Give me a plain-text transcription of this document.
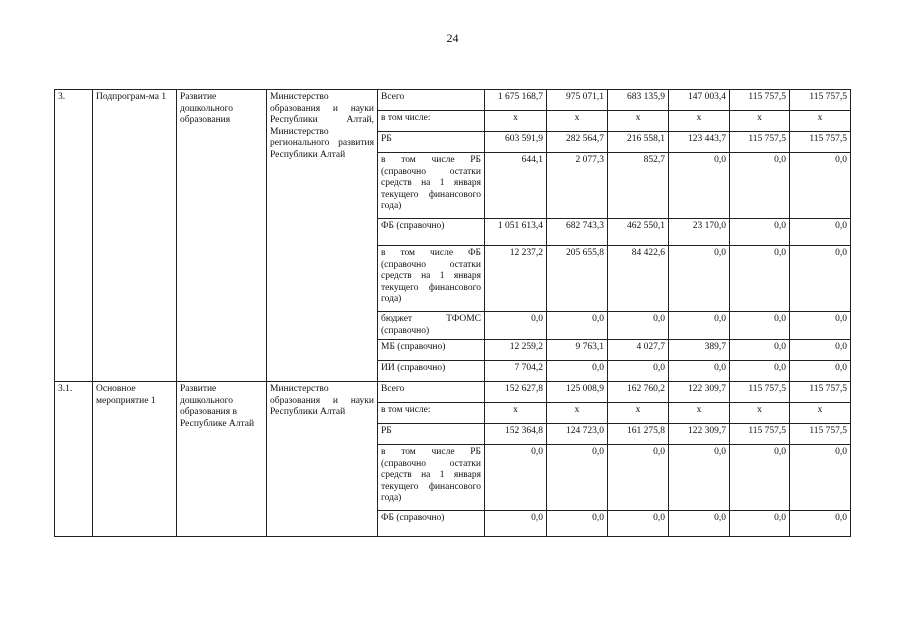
24
3.	Подпрограм-ма 1	Развитие дошкольного образования	Министерство образования и науки Республики Алтай, Министерство регионального развития Республики Алтай	Всего	1 675 168,7	975 071,1	683 135,9	147 003,4	115 757,5	115 757,5
				в том числе:	x	x	x	x	x	x
				РБ	603 591,9	282 564,7	216 558,1	123 443,7	115 757,5	115 757,5
				в том числе РБ (справочно остатки средств на 1 января текущего финансового года)	644,1	2 077,3	852,7	0,0	0,0	0,0
				ФБ (справочно)	1 051 613,4	682 743,3	462 550,1	23 170,0	0,0	0,0
				в том числе ФБ (справочно остатки средств на 1 января текущего финансового года)	12 237,2	205 655,8	84 422,6	0,0	0,0	0,0
				бюджет ТФОМС (справочно)	0,0	0,0	0,0	0,0	0,0	0,0
				МБ (справочно)	12 259,2	9 763,1	4 027,7	389,7	0,0	0,0
				ИИ (справочно)	7 704,2	0,0	0,0	0,0	0,0	0,0
3.1.	Основное мероприятие 1	Развитие дошкольного образования в Республике Алтай	Министерство образования и науки Республики Алтай	Всего	152 627,8	125 008,9	162 760,2	122 309,7	115 757,5	115 757,5
				в том числе:	x	x	x	x	x	x
				РБ	152 364,8	124 723,0	161 275,8	122 309,7	115 757,5	115 757,5
				в том числе РБ (справочно остатки средств на 1 января текущего финансового года)	0,0	0,0	0,0	0,0	0,0	0,0
				ФБ (справочно)	0,0	0,0	0,0	0,0	0,0	0,0
